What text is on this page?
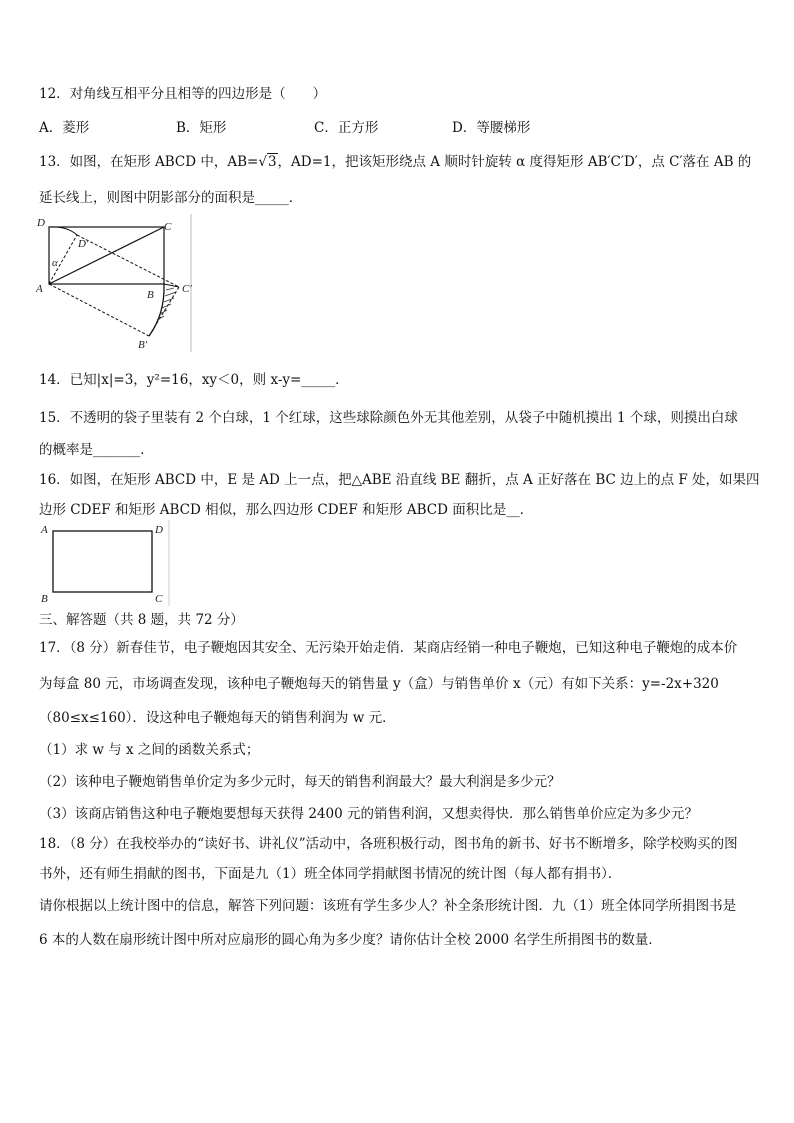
12．对角线互相平分且相等的四边形是（　　）
A．菱形	B．矩形	C．正方形	D．等腰梯形
13．如图，在矩形 ABCD 中，AB=√3，AD=1，把该矩形绕点 A 顺时针旋转 α 度得矩形 AB′C′D′，点 C′落在 AB 的
延长线上，则图中阴影部分的面积是_____．
D	C
D′
α
A	B	C′
B′
14．已知|x|=3，y²=16，xy＜0，则 x-y=_____．
15．不透明的袋子里装有 2 个白球，1 个红球，这些球除颜色外无其他差别，从袋子中随机摸出 1 个球，则摸出白球
的概率是_______．
16．如图，在矩形 ABCD 中，E 是 AD 上一点，把△ABE 沿直线 BE 翻折，点 A 正好落在 BC 边上的点 F 处，如果四
边形 CDEF 和矩形 ABCD 相似，那么四边形 CDEF 和矩形 ABCD 面积比是__．
A	D
B	C
三、解答题（共 8 题，共 72 分）
17．（8 分）新春佳节，电子鞭炮因其安全、无污染开始走俏．某商店经销一种电子鞭炮，已知这种电子鞭炮的成本价
为每盒 80 元，市场调查发现，该种电子鞭炮每天的销售量 y（盒）与销售单价 x（元）有如下关系：y=-2x+320
（80≤x≤160）．设这种电子鞭炮每天的销售利润为 w 元．
（1）求 w 与 x 之间的函数关系式；
（2）该种电子鞭炮销售单价定为多少元时，每天的销售利润最大？最大利润是多少元？
（3）该商店销售这种电子鞭炮要想每天获得 2400 元的销售利润，又想卖得快．那么销售单价应定为多少元？
18．（8 分）在我校举办的“读好书、讲礼仪”活动中，各班积极行动，图书角的新书、好书不断增多，除学校购买的图
书外，还有师生捐献的图书，下面是九（1）班全体同学捐献图书情况的统计图（每人都有捐书）．
请你根据以上统计图中的信息，解答下列问题：该班有学生多少人？补全条形统计图．九（1）班全体同学所捐图书是
6 本的人数在扇形统计图中所对应扇形的圆心角为多少度？请你估计全校 2000 名学生所捐图书的数量．
